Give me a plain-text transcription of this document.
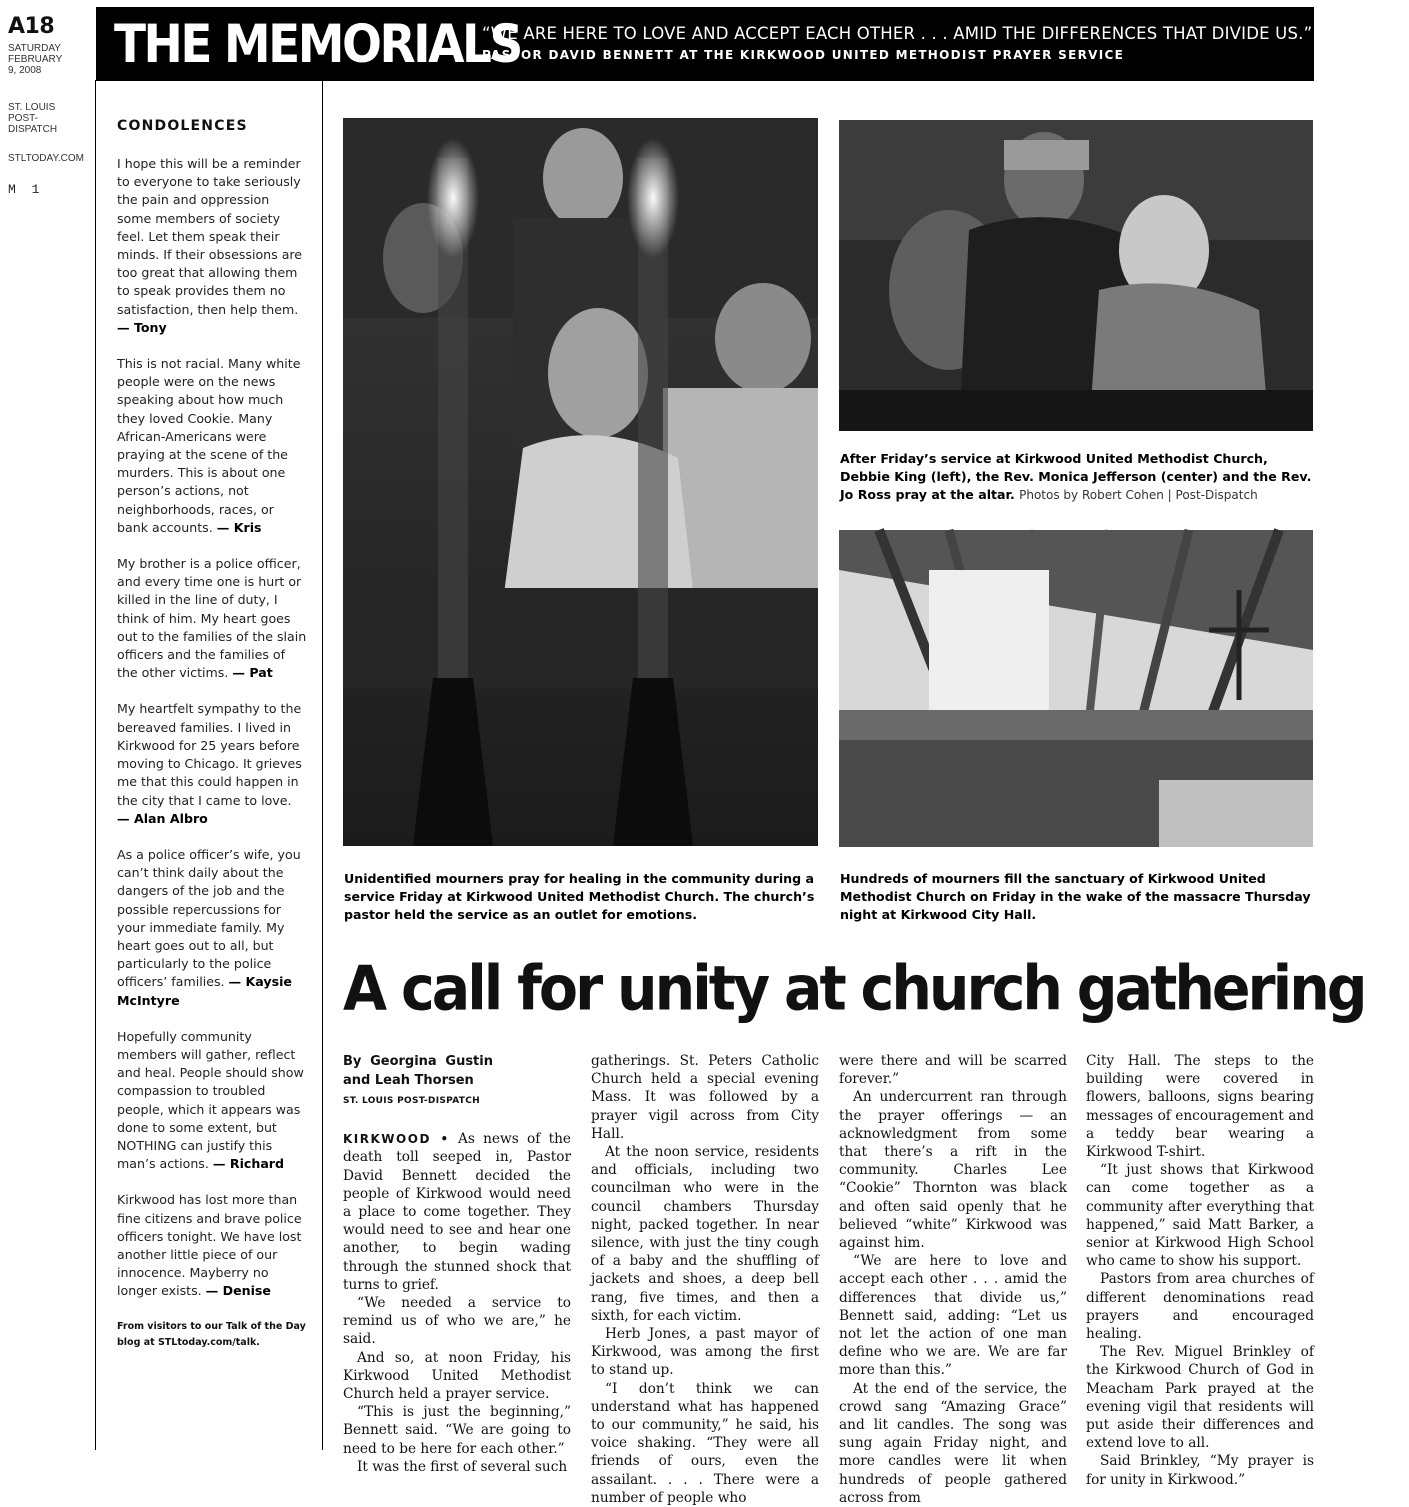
A18
SATURDAY
FEBRUARY 9, 2008
ST. LOUIS POST-DISPATCH
STLTODAY.COM
M 1
THE MEMORIALS
“WE ARE HERE TO LOVE AND ACCEPT EACH OTHER . . . AMID THE DIFFERENCES THAT DIVIDE US.” PASTOR DAVID BENNETT AT THE KIRKWOOD UNITED METHODIST PRAYER SERVICE
CONDOLENCES
I hope this will be a reminder to everyone to take seriously the pain and oppression some members of society feel. Let them speak their minds. If their obsessions are too great that allowing them to speak provides them no satisfaction, then help them. — Tony
This is not racial. Many white people were on the news speaking about how much they loved Cookie. Many African-Americans were praying at the scene of the murders. This is about one person’s actions, not neighborhoods, races, or bank accounts. — Kris
My brother is a police officer, and every time one is hurt or killed in the line of duty, I think of him. My heart goes out to the families of the slain officers and the families of the other victims. — Pat
My heartfelt sympathy to the bereaved families. I lived in Kirkwood for 25 years before moving to Chicago. It grieves me that this could happen in the city that I came to love. — Alan Albro
As a police officer’s wife, you can’t think daily about the dangers of the job and the possible repercussions for your immediate family. My heart goes out to all, but particularly to the police officers’ families. — Kaysie McIntyre
Hopefully community members will gather, reflect and heal. People should show compassion to troubled people, which it appears was done to some extent, but NOTHING can justify this man’s actions. — Richard
Kirkwood has lost more than fine citizens and brave police officers tonight. We have lost another little piece of our innocence. Mayberry no longer exists. — Denise
From visitors to our Talk of the Day blog at STLtoday.com/talk.
After Friday’s service at Kirkwood United Methodist Church, Debbie King (left), the Rev. Monica Jefferson (center) and the Rev. Jo Ross pray at the altar. Photos by Robert Cohen | Post-Dispatch
Unidentified mourners pray for healing in the community during a service Friday at Kirkwood United Methodist Church. The church’s pastor held the service as an outlet for emotions.
Hundreds of mourners fill the sanctuary of Kirkwood United Methodist Church on Friday in the wake of the massacre Thursday night at Kirkwood City Hall.
A call for unity at church gathering
By Georgina Gustin and Leah Thorsen
ST. LOUIS POST-DISPATCH

KIRKWOOD • As news of the death toll seeped in, Pastor David Bennett decided the people of Kirkwood would need a place to come together. They would need to see and hear one another, to begin wading through the stunned shock that turns to grief.

“We needed a service to remind us of who we are,” he said.

And so, at noon Friday, his Kirkwood United Methodist Church held a prayer service.

“This is just the beginning,” Bennett said. “We are going to need to be here for each other.”

It was the first of several such

gatherings. St. Peters Catholic Church held a special evening Mass. It was followed by a prayer vigil across from City Hall.

At the noon service, residents and officials, including two councilman who were in the council chambers Thursday night, packed together. In near silence, with just the tiny cough of a baby and the shuffling of jackets and shoes, a deep bell rang, five times, and then a sixth, for each victim.

Herb Jones, a past mayor of Kirkwood, was among the first to stand up.

“I don’t think we can understand what has happened to our community,” he said, his voice shaking. “They were all friends of ours, even the assailant. . . . There were a number of people who

were there and will be scarred forever.”

An undercurrent ran through the prayer offerings — an acknowledgment from some that there’s a rift in the community. Charles Lee “Cookie” Thornton was black and often said openly that he believed “white” Kirkwood was against him.

“We are here to love and accept each other . . . amid the differences that divide us,” Bennett said, adding: “Let us not let the action of one man define who we are. We are far more than this.”

At the end of the service, the crowd sang “Amazing Grace” and lit candles. The song was sung again Friday night, and more candles were lit when hundreds of people gathered across from

City Hall. The steps to the building were covered in flowers, balloons, signs bearing messages of encouragement and a teddy bear wearing a Kirkwood T-shirt.

“It just shows that Kirkwood can come together as a community after everything that happened,” said Matt Barker, a senior at Kirkwood High School who came to show his support.

Pastors from area churches of different denominations read prayers and encouraged healing.

The Rev. Miguel Brinkley of the Kirkwood Church of God in Meacham Park prayed at the evening vigil that residents will put aside their differences and extend love to all.

Said Brinkley, “My prayer is for unity in Kirkwood.”
